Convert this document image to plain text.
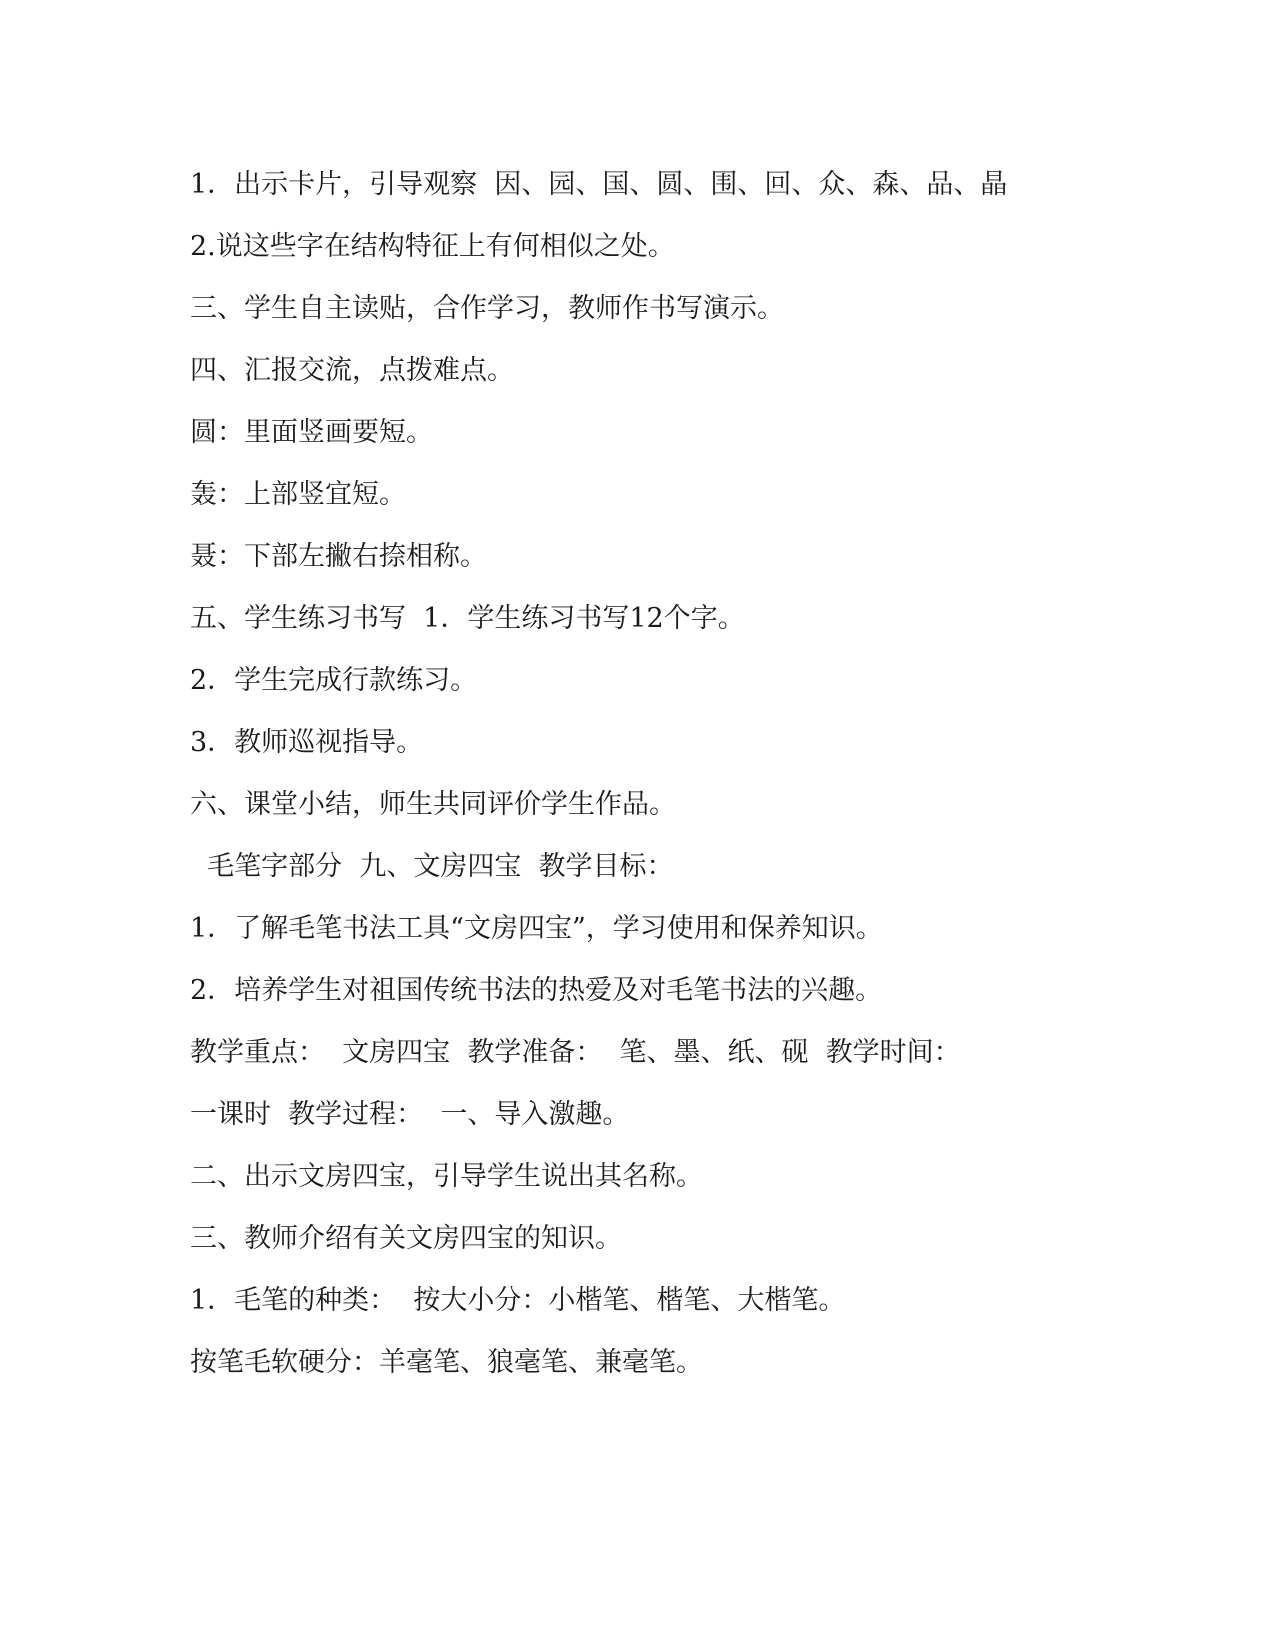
1．出示卡片，引导观察  因、园、国、圆、围、回、众、森、品、晶
2.说这些字在结构特征上有何相似之处。
三、学生自主读贴，合作学习，教师作书写演示。
四、汇报交流，点拨难点。
圆：里面竖画要短。
轰：上部竖宜短。
聂：下部左撇右捺相称。
五、学生练习书写  1．学生练习书写12个字。
2．学生完成行款练习。
3．教师巡视指导。
六、课堂小结，师生共同评价学生作品。
毛笔字部分  九、文房四宝  教学目标：
1．了解毛笔书法工具“文房四宝”，学习使用和保养知识。
2．培养学生对祖国传统书法的热爱及对毛笔书法的兴趣。
教学重点：  文房四宝  教学准备：  笔、墨、纸、砚  教学时间：
一课时  教学过程：  一、导入激趣。
二、出示文房四宝，引导学生说出其名称。
三、教师介绍有关文房四宝的知识。
1．毛笔的种类：  按大小分：小楷笔、楷笔、大楷笔。
按笔毛软硬分：羊毫笔、狼毫笔、兼毫笔。
